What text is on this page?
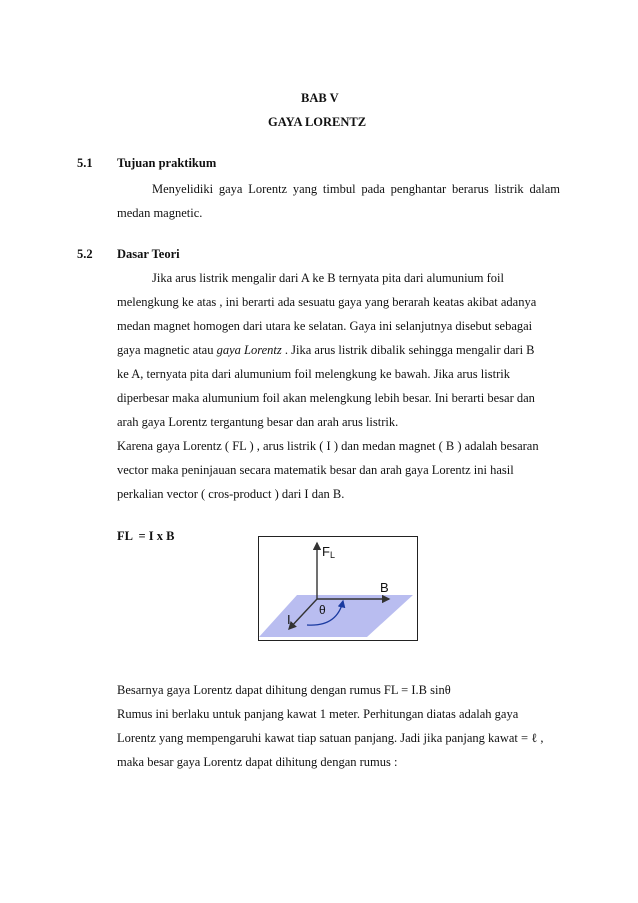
BAB V
GAYA LORENTZ
5.1 Tujuan praktikum
Menyelidiki gaya Lorentz yang timbul pada penghantar berarus listrik dalam
medan magnetic.
5.2 Dasar Teori
Jika arus listrik mengalir dari A ke B ternyata pita dari alumunium foil
melengkung ke atas , ini berarti ada sesuatu gaya yang berarah keatas akibat adanya
medan magnet homogen dari utara ke selatan. Gaya ini selanjutnya disebut sebagai
gaya magnetic atau gaya Lorentz . Jika arus listrik dibalik sehingga mengalir dari B
ke A, ternyata pita dari alumunium foil melengkung ke bawah. Jika arus listrik
diperbesar maka alumunium foil akan melengkung lebih besar. Ini berarti besar dan
arah gaya Lorentz tergantung besar dan arah arus listrik.
Karena gaya Lorentz ( FL ) , arus listrik ( I ) dan medan magnet ( B ) adalah besaran
vector maka peninjauan secara matematik besar dan arah gaya Lorentz ini hasil
perkalian vector ( cros-product ) dari I dan B.
FL  = I x B
FL
B
I
θ
Besarnya gaya Lorentz dapat dihitung dengan rumus FL = I.B sinθ
Rumus ini berlaku untuk panjang kawat 1 meter. Perhitungan diatas adalah gaya
Lorentz yang mempengaruhi kawat tiap satuan panjang. Jadi jika panjang kawat = ℓ ,
maka besar gaya Lorentz dapat dihitung dengan rumus :
